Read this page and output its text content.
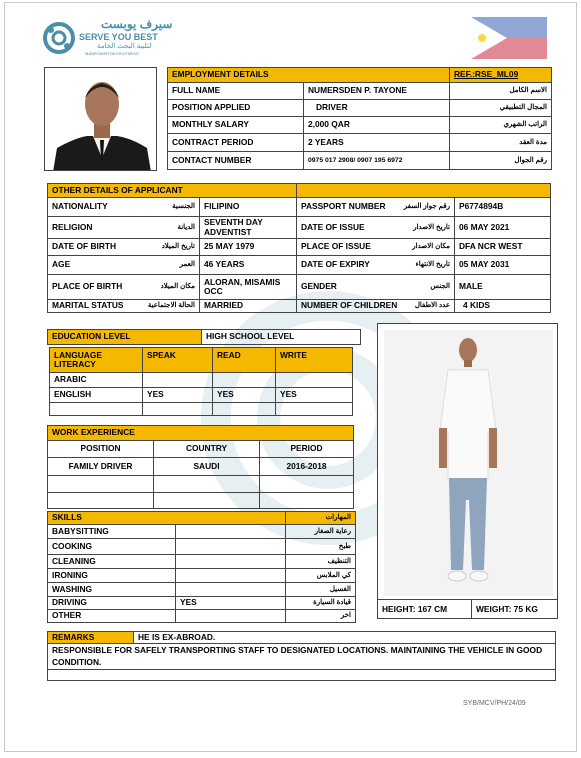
سيرف يوبست
SERVE YOU BEST
لتلبية البحث الخامة
MANPOWER RECRUITMENT
EMPLOYMENT DETAILS		REF.:RSE_ML09
FULL NAME	NUMERSDEN P. TAYONE	الاسم الكامل
POSITION APPLIED	DRIVER	المجال التطبيقي
MONTHLY SALARY	2,000 QAR	الراتب الشهري
CONTRACT PERIOD	2 YEARS	مدة العقد
CONTACT NUMBER	0975 017 2908/ 0907 195 6972	رقم الجوال
OTHER DETAILS OF APPLICANT			

NATIONALITY الجنسية	FILIPINO	PASSPORT NUMBER رقم جواز السفر	P6774894B

RELIGION الديانة	SEVENTH DAY ADVENTIST	DATE OF ISSUE تاريخ الاصدار	06 MAY 2021

DATE OF BIRTH تاريخ الميلاد	25 MAY 1979	PLACE OF ISSUE مكان الاصدار	DFA NCR WEST

AGE العمر	46 YEARS	DATE OF EXPIRY تاريخ الانتهاء	05 MAY 2031

PLACE OF BIRTH مكان الميلاد	ALORAN, MISAMIS OCC	GENDER الجنس	MALE

MARITAL STATUS الحالة الاجتماعية	MARRIED	NUMBER OF CHILDREN عدد الاطفال	4 KIDS
EDUCATION LEVEL	HIGH SCHOOL LEVEL
LANGUAGE LITERACY	SPEAK	READ	WRITE
ARABIC			
ENGLISH	YES	YES	YES

WORK EXPERIENCE		
POSITION	COUNTRY	PERIOD
FAMILY DRIVER	SAUDI	2016-2018

SKILLS		المهارات
BABYSITTING		رعاية الصغار
COOKING		طبخ
CLEANING		التنظيف
IRONING		كي الملابس
WASHING		الغسيل
DRIVING	YES	قيادة السيارة
OTHER		اخر
HEIGHT: 167 CM	WEIGHT: 75 KG
REMARKS	HE IS EX-ABROAD.
RESPONSIBLE FOR SAFELY TRANSPORTING STAFF TO DESIGNATED LOCATIONS. MAINTAINING THE VEHICLE IN GOOD CONDITION.

SYB/MCV/PH/24/09
